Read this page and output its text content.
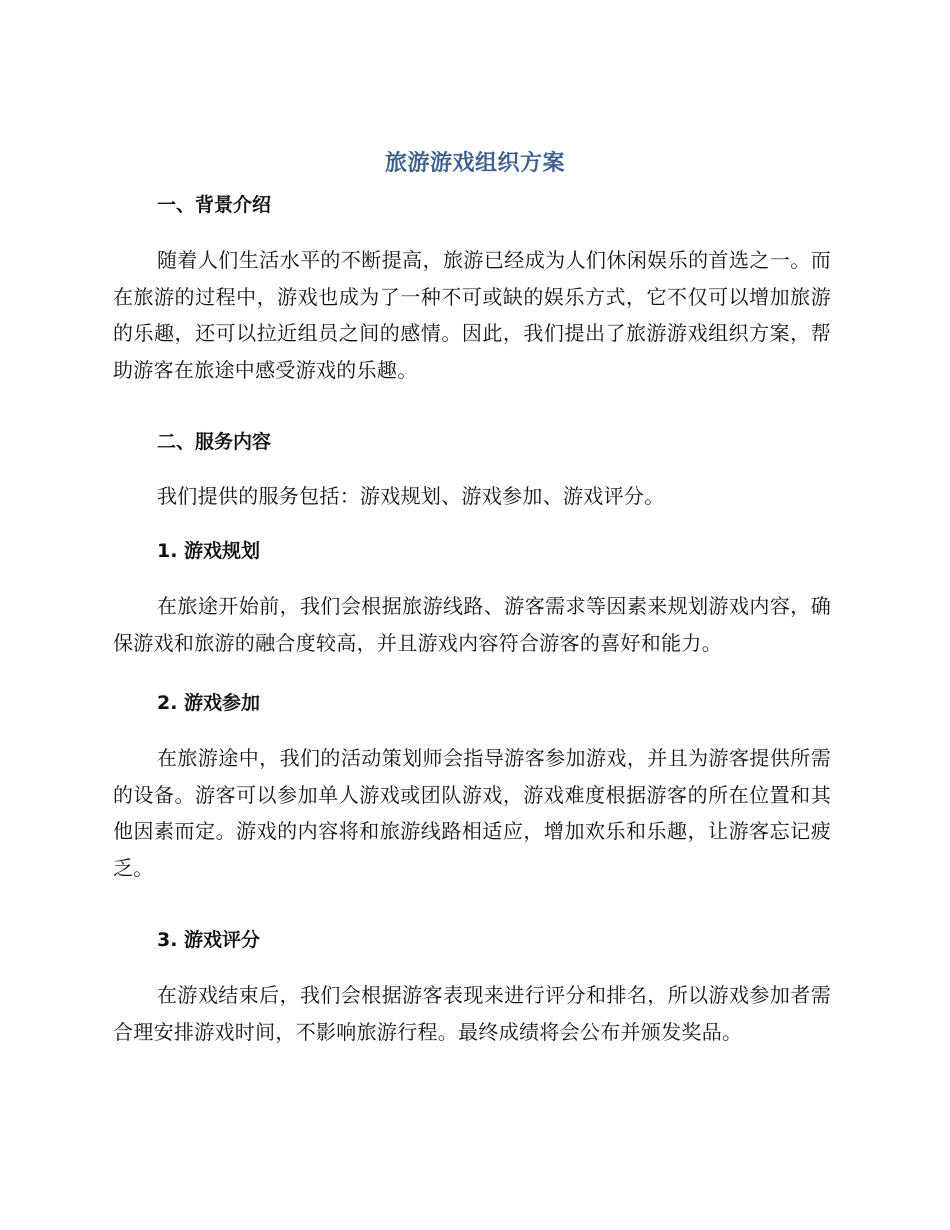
旅游游戏组织方案
一、背景介绍

随着人们生活水平的不断提高，旅游已经成为人们休闲娱乐的首选之一。而在旅游的过程中，游戏也成为了一种不可或缺的娱乐方式，它不仅可以增加旅游的乐趣，还可以拉近组员之间的感情。因此，我们提出了旅游游戏组织方案，帮助游客在旅途中感受游戏的乐趣。

二、服务内容

我们提供的服务包括：游戏规划、游戏参加、游戏评分。

1. 游戏规划

在旅途开始前，我们会根据旅游线路、游客需求等因素来规划游戏内容，确保游戏和旅游的融合度较高，并且游戏内容符合游客的喜好和能力。

2. 游戏参加

在旅游途中，我们的活动策划师会指导游客参加游戏，并且为游客提供所需的设备。游客可以参加单人游戏或团队游戏，游戏难度根据游客的所在位置和其他因素而定。游戏的内容将和旅游线路相适应，增加欢乐和乐趣，让游客忘记疲乏。

3. 游戏评分

在游戏结束后，我们会根据游客表现来进行评分和排名，所以游戏参加者需合理安排游戏时间，不影响旅游行程。最终成绩将会公布并颁发奖品。
